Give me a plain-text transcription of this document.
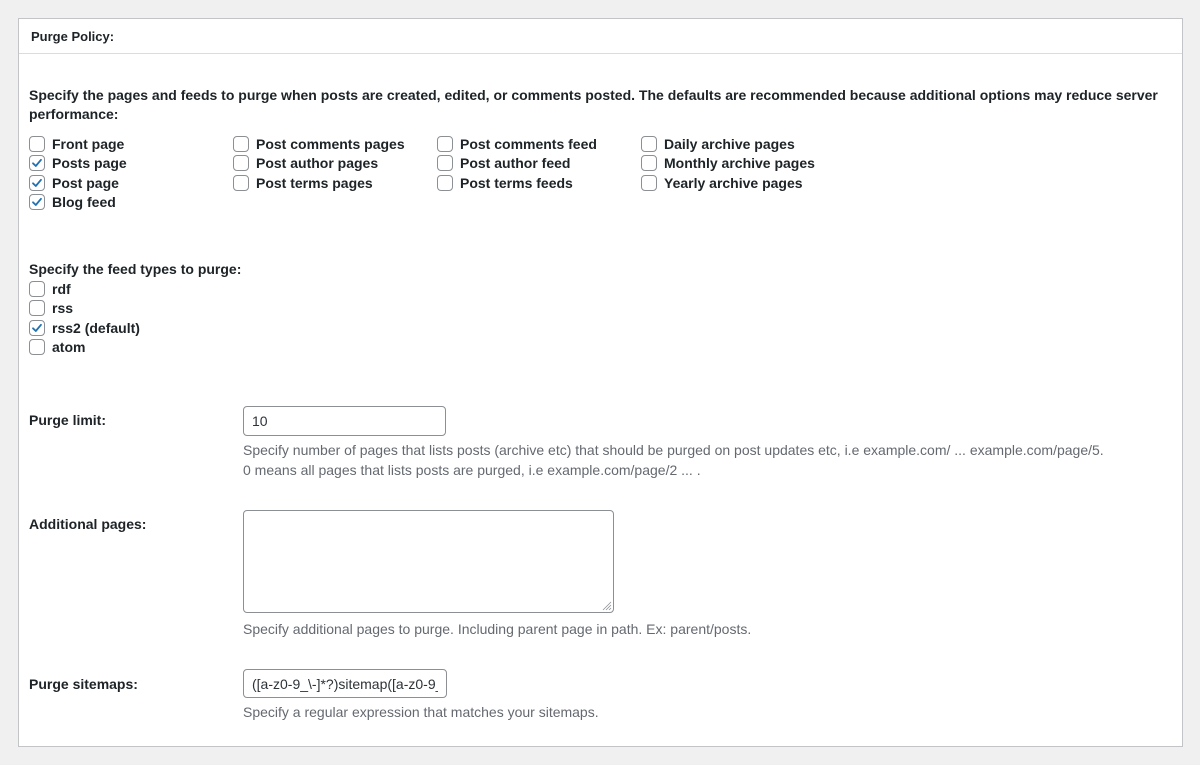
Purge Policy:

Specify the pages and feeds to purge when posts are created, edited, or comments posted. The defaults are recommended because additional options may reduce server performance:

Front page
Posts page
Post page
Blog feed
Post comments pages
Post author pages
Post terms pages
Post comments feed
Post author feed
Post terms feeds
Daily archive pages
Monthly archive pages
Yearly archive pages
Specify the feed types to purge:
rdf
rss
rss2 (default)
atom
Purge limit:
10
Specify number of pages that lists posts (archive etc) that should be purged on post updates etc, i.e example.com/ ... example.com/page/5.
0 means all pages that lists posts are purged, i.e example.com/page/2 ... .
Additional pages:
Specify additional pages to purge. Including parent page in path. Ex: parent/posts.
Purge sitemaps:
([a-z0-9_\-]*?)sitemap([a-z0-9_\-]*)?\.xml
Specify a regular expression that matches your sitemaps.
